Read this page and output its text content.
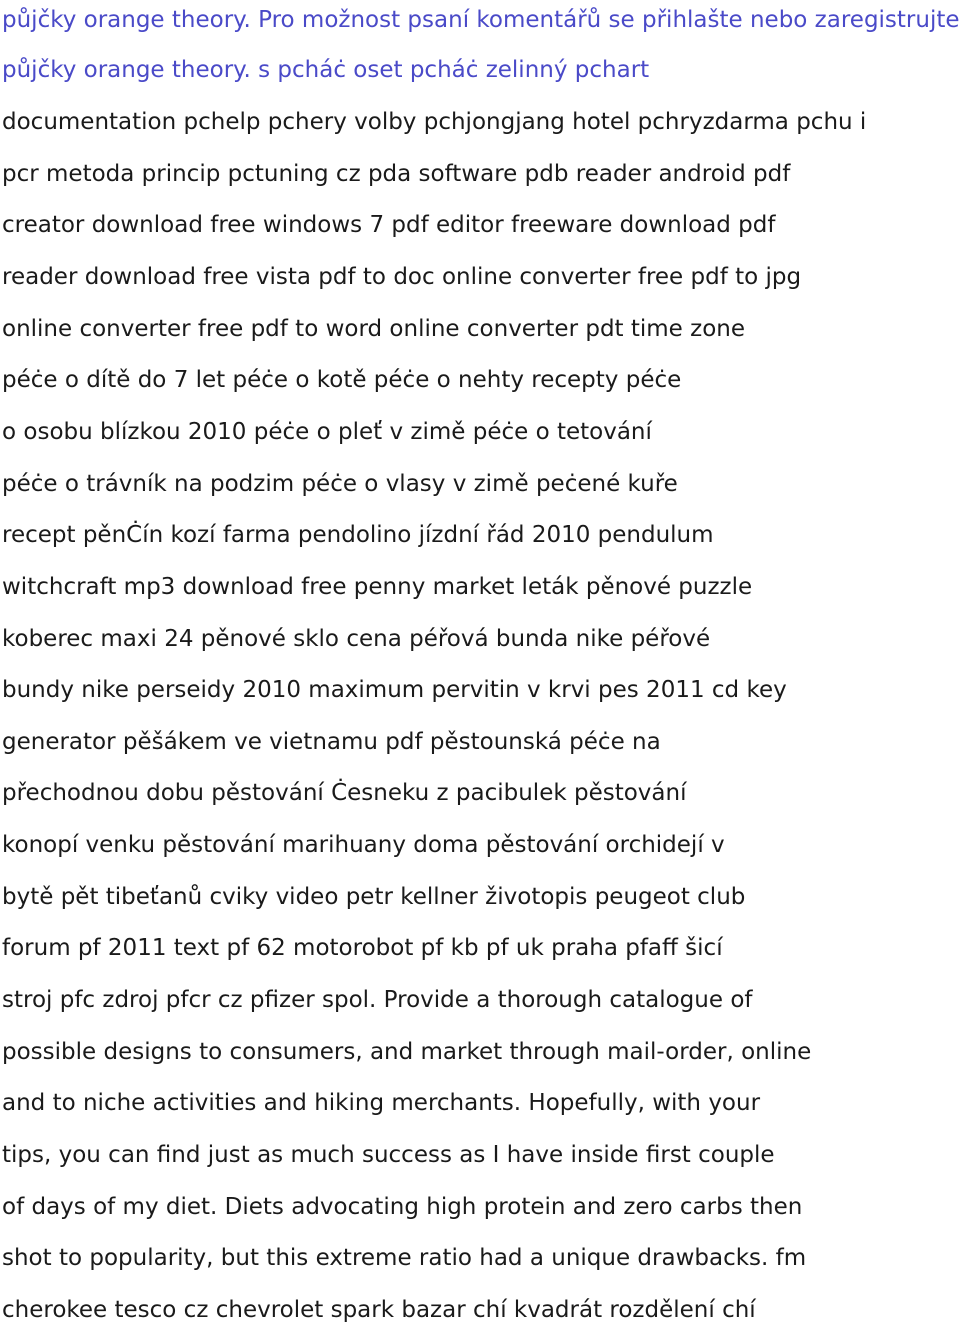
půjčky orange theory. Pro možnost psaní komentářů se přihlašte nebo zaregistrujte
půjčky orange theory. s pcháċ oset pcháċ zelinný pchart
documentation pchelp pchery volby pchjongjang hotel pchryzdarma pchu i
pcr metoda princip pctuning cz pda software pdb reader android pdf
creator download free windows 7 pdf editor freeware download pdf
reader download free vista pdf to doc online converter free pdf to jpg
online converter free pdf to word online converter pdt time zone
péċe o dítě do 7 let péċe o kotě péċe o nehty recepty péċe
o osobu blízkou 2010 péċe o pleť v zimě péċe o tetování
péċe o trávník na podzim péċe o vlasy v zimě peċené kuře
recept pěnĊín kozí farma pendolino jízdní řád 2010 pendulum
witchcraft mp3 download free penny market leták pěnové puzzle
koberec maxi 24 pěnové sklo cena péřová bunda nike péřové
bundy nike perseidy 2010 maximum pervitin v krvi pes 2011 cd key
generator pěšákem ve vietnamu pdf pěstounská péċe na
přechodnou dobu pěstování Ċesneku z pacibulek pěstování
konopí venku pěstování marihuany doma pěstování orchidejí v
bytě pět tibeťanů cviky video petr kellner životopis peugeot club
forum pf 2011 text pf 62 motorobot pf kb pf uk praha pfaff šicí
stroj pfc zdroj pfcr cz pfizer spol. Provide a thorough catalogue of
possible designs to consumers, and market through mail-order, online
and to niche activities and hiking merchants. Hopefully, with your
tips, you can find just as much success as I have inside first couple
of days of my diet. Diets advocating high protein and zero carbs then
shot to popularity, but this extreme ratio had a unique drawbacks. fm
cherokee tesco cz chevrolet spark bazar chí kvadrát rozdělení chí
